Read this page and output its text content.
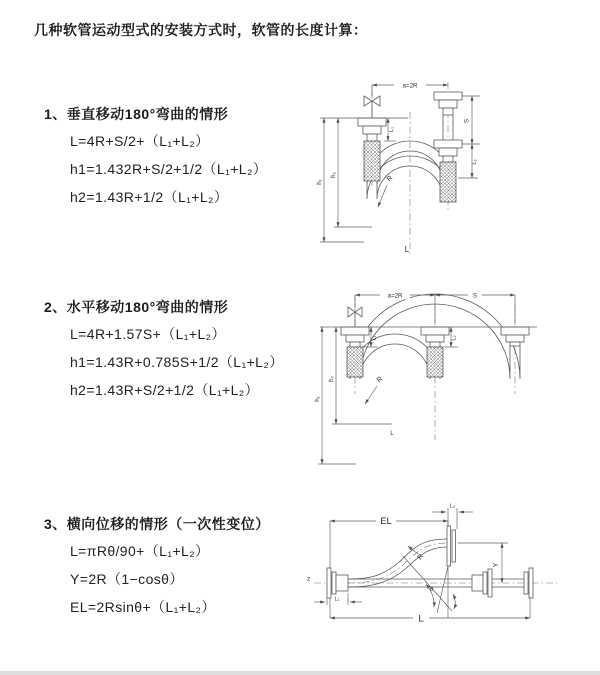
几种软管运动型式的安装方式时，软管的长度计算：
1、垂直移动180°弯曲的情形
L=4R+S/2+（L₁+L₂）
h1=1.432R+S/2+1/2（L₁+L₂）
h2=1.43R+1/2（L₁+L₂）
a=2R
h₁
h₂
L₁
S
L₂
R
L
2、水平移动180°弯曲的情形
L=4R+1.57S+（L₁+L₂）
h1=1.43R+0.785S+1/2（L₁+L₂）
h2=1.43R+S/2+1/2（L₁+L₂）
a=2R	S
h₁
h₂
L₁	L₂
R
L
3、横向位移的情形（一次性变位）
L=πRθ/90+（L₁+L₂）
Y=2R（1−cosθ）
EL=2Rsinθ+（L₁+L₂）
θ
EL
L₂
Y
L
L₁
R
Z
